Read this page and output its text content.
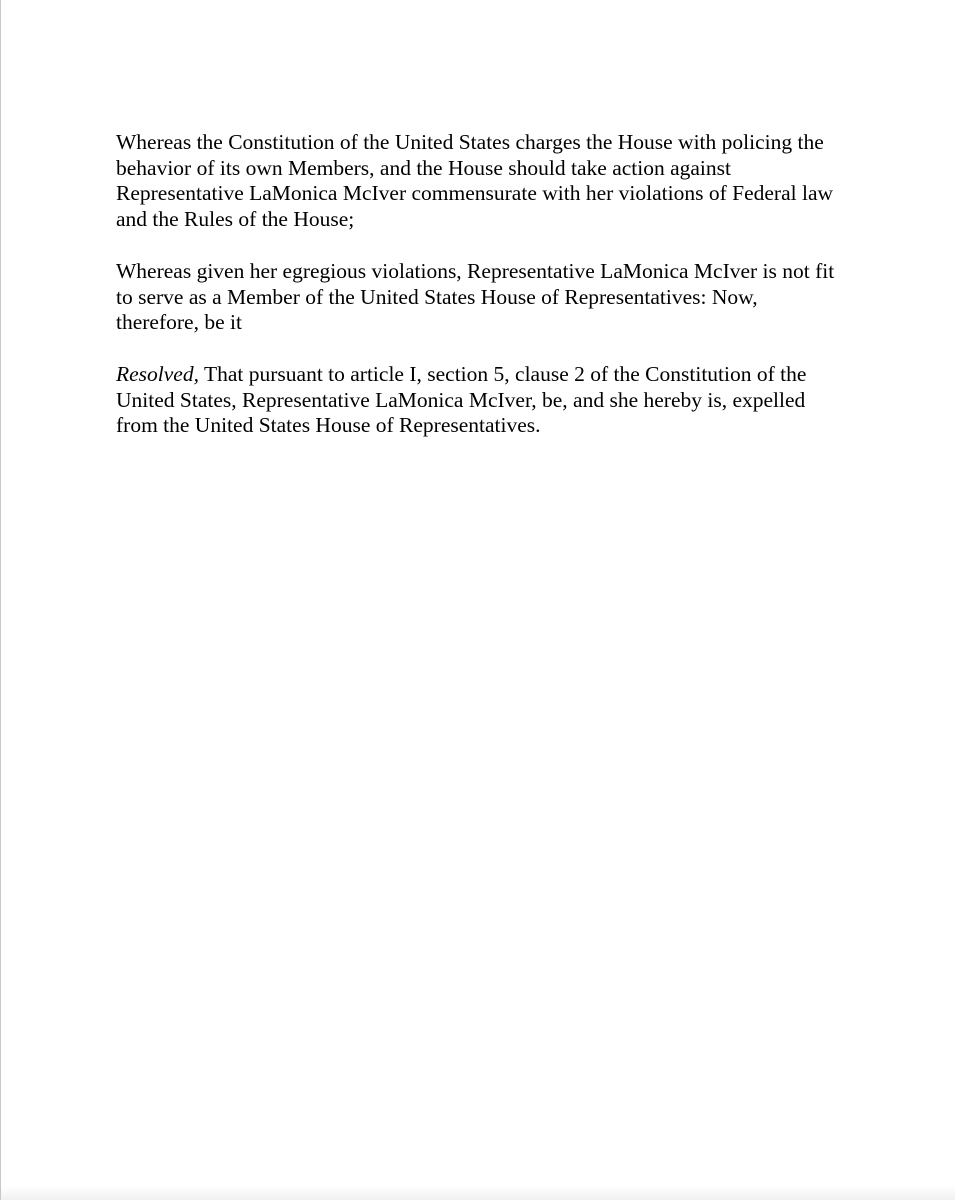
Whereas the Constitution of the United States charges the House with policing the
behavior of its own Members, and the House should take action against
Representative LaMonica McIver commensurate with her violations of Federal law
and the Rules of the House;

Whereas given her egregious violations, Representative LaMonica McIver is not fit
to serve as a Member of the United States House of Representatives: Now,
therefore, be it

Resolved, That pursuant to article I, section 5, clause 2 of the Constitution of the
United States, Representative LaMonica McIver, be, and she hereby is, expelled
from the United States House of Representatives.
